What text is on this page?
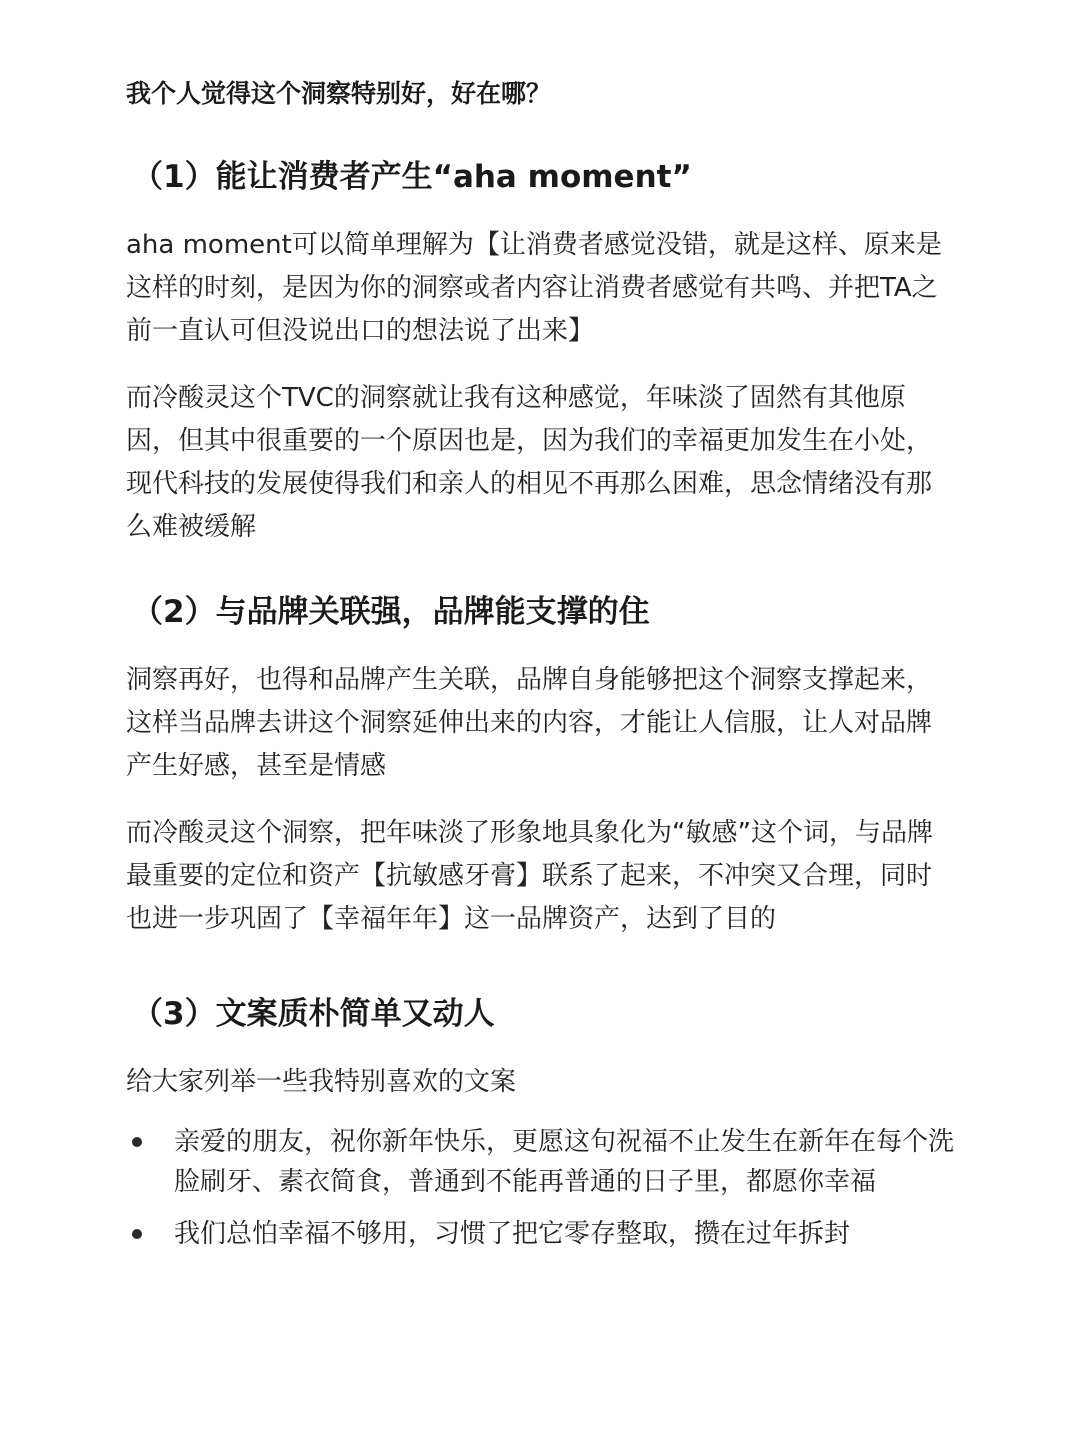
我个人觉得这个洞察特别好，好在哪？

（1）能让消费者产生“aha moment”

aha moment可以简单理解为【让消费者感觉没错，就是这样、原来是这样的时刻，是因为你的洞察或者内容让消费者感觉有共鸣、并把TA之前一直认可但没说出口的想法说了出来】

而冷酸灵这个TVC的洞察就让我有这种感觉，年味淡了固然有其他原因，但其中很重要的一个原因也是，因为我们的幸福更加发生在小处，现代科技的发展使得我们和亲人的相见不再那么困难，思念情绪没有那么难被缓解

（2）与品牌关联强，品牌能支撑的住

洞察再好，也得和品牌产生关联，品牌自身能够把这个洞察支撑起来，这样当品牌去讲这个洞察延伸出来的内容，才能让人信服，让人对品牌产生好感，甚至是情感

而冷酸灵这个洞察，把年味淡了形象地具象化为“敏感”这个词，与品牌最重要的定位和资产【抗敏感牙膏】联系了起来，不冲突又合理，同时也进一步巩固了【幸福年年】这一品牌资产，达到了目的

（3）文案质朴简单又动人

给大家列举一些我特别喜欢的文案

亲爱的朋友，祝你新年快乐，更愿这句祝福不止发生在新年在每个洗脸刷牙、素衣简食，普通到不能再普通的日子里，都愿你幸福
我们总怕幸福不够用，习惯了把它零存整取，攒在过年拆封
